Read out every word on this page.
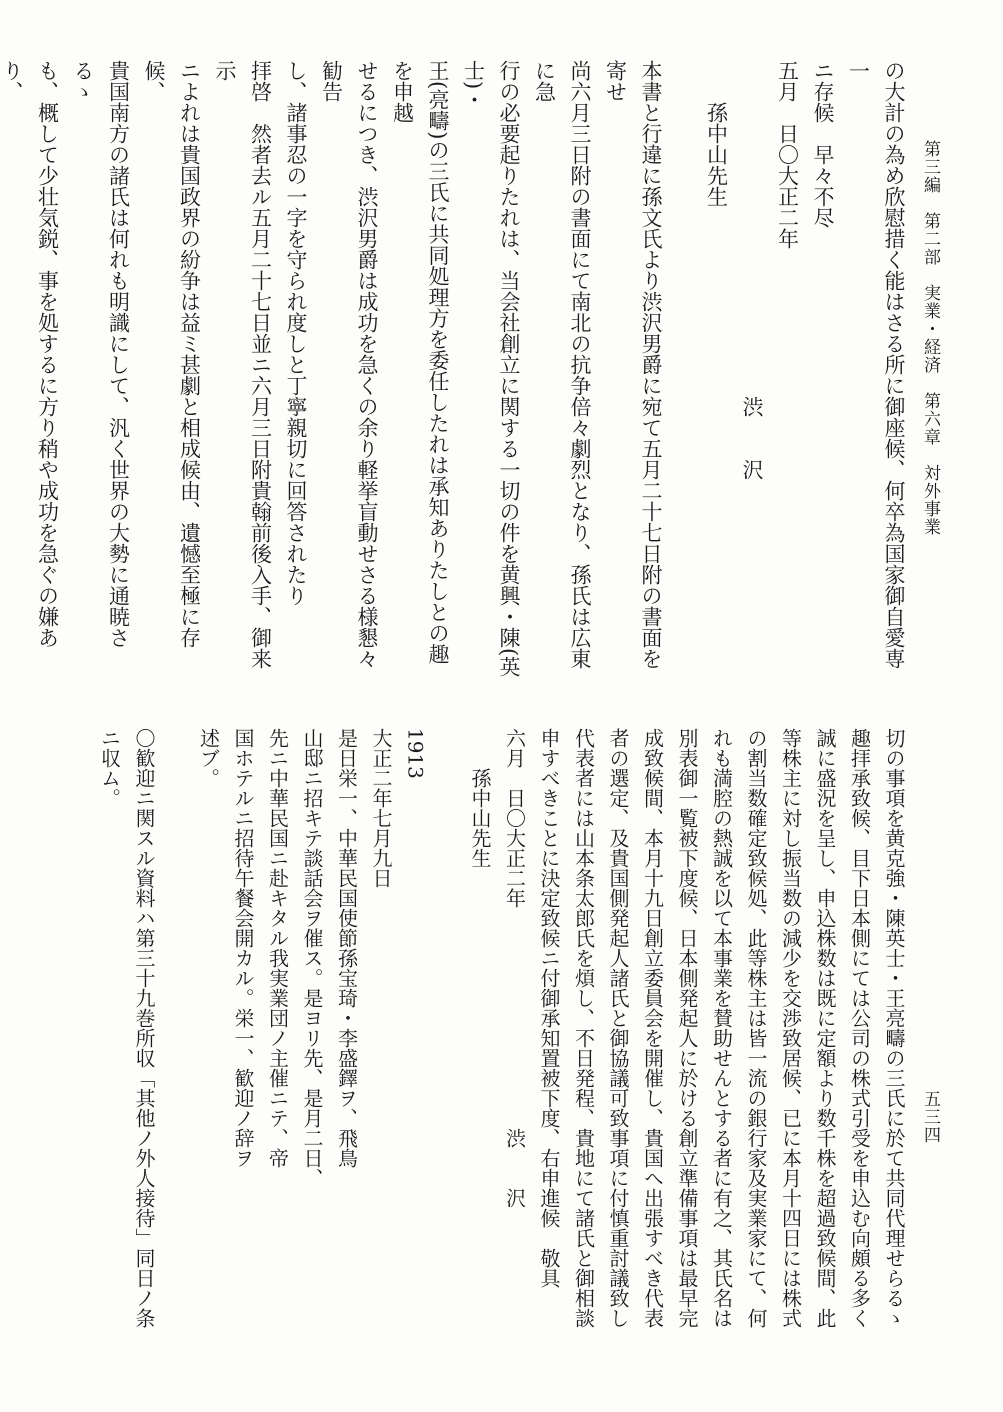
第三編　第二部　実業・経済　第六章　対外事業
五三四
の大計の為め欣慰措く能はさる所に御座候、何卒為国家御自愛専一
ニ存候　早々不尽
五月　日〇大正二年
　　　　　　　　　　　　　　　　渋　　沢
　　孫中山先生
本書と行違に孫文氏より渋沢男爵に宛て五月二十七日附の書面を寄せ
尚六月三日附の書面にて南北の抗争倍々劇烈となり、孫氏は広東に急
行の必要起りたれは、当会社創立に関する一切の件を黄興・陳(英士)・
王(亮疇)の三氏に共同処理方を委任したれは承知ありたしとの趣を申越
せるにつき、渋沢男爵は成功を急くの余り軽挙盲動せさる様懇々勧告
し、諸事忍の一字を守られ度しと丁寧親切に回答されたり
拝啓　然者去ル五月二十七日並ニ六月三日附貴翰前後入手、御来示
ニよれは貴国政界の紛争は益ミ甚劇と相成候由、遺憾至極に存候、
貴国南方の諸氏は何れも明識にして、汎く世界の大勢に通暁さるゝ
も、概して少壮気鋭、事を処するに方り稍や成功を急ぐの嫌あり、
切の事項を黄克強・陳英士・王亮疇の三氏に於て共同代理せらるゝ
趣拝承致候、目下日本側にては公司の株式引受を申込む向頗る多く
誠に盛況を呈し、申込株数は既に定額より数千株を超過致候間、此
等株主に対し振当数の減少を交渉致居候、已に本月十四日には株式
の割当数確定致候処、此等株主は皆一流の銀行家及実業家にて、何
れも満腔の熱誠を以て本事業を賛助せんとする者に有之、其氏名は
別表御一覧被下度候、日本側発起人に於ける創立準備事項は最早完
成致候間、本月十九日創立委員会を開催し、貴国へ出張すべき代表
者の選定、及貴国側発起人諸氏と御協議可致事項に付慎重討議致し
代表者には山本条太郎氏を煩し、不日発程、貴地にて諸氏と御相談
申すべきことに決定致候ニ付御承知置被下度、右申進候　敬具
六月　日〇大正二年　　　　　　　　　　　渋　　沢
　　孫中山先生
1913
大正二年七月九日
是日栄一、中華民国使節孫宝琦・李盛鐸ヲ、飛鳥
山邸ニ招キテ談話会ヲ催ス。是ヨリ先、是月二日、
先ニ中華民国ニ赴キタル我実業団ノ主催ニテ、帝
国ホテルニ招待午餐会開カル。栄一、歓迎ノ辞ヲ
述ブ。
〇歓迎ニ関スル資料ハ第三十九巻所収「其他ノ外人接待」同日ノ条ニ収ム。
